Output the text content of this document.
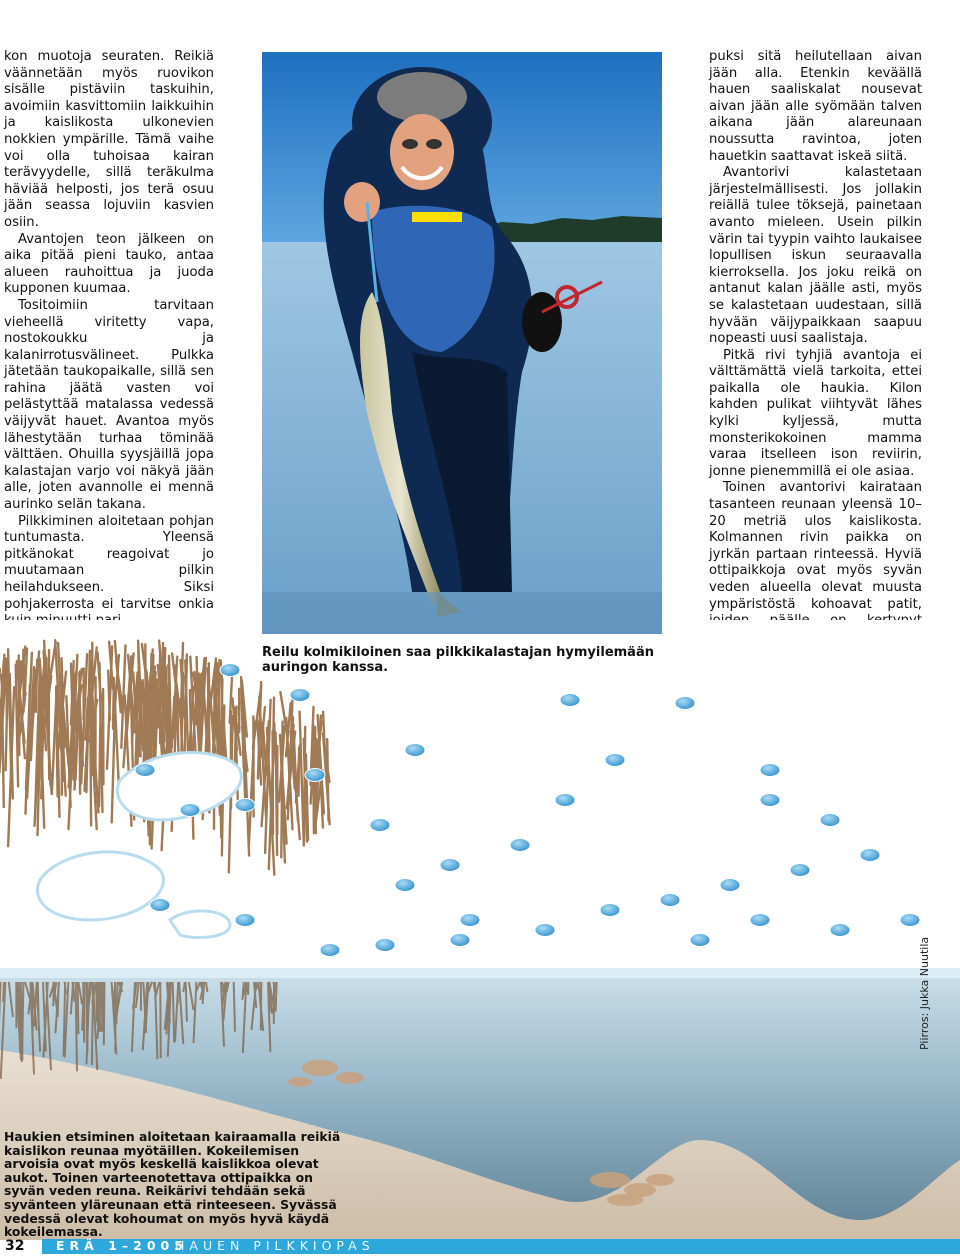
kon muotoja seuraten. Reikiä väännetään myös ruovikon sisälle pistäviin taskuihin, avoimiin kasvittomiin laikkuihin ja kaislikosta ulkonevien nokkien ympärille. Tämä vaihe voi olla tuhoisaa kairan terävyydelle, sillä teräkulma häviää helposti, jos terä osuu jään seassa lojuviin kasvien osiin.

Avantojen teon jälkeen on aika pitää pieni tauko, antaa alueen rauhoittua ja juoda kupponen kuumaa.

Tositoimiin tarvitaan vieheellä viritetty vapa, nostokoukku ja kalanirrotusvälineet. Pulkka jätetään taukopaikalle, sillä sen rahina jäätä vasten voi pelästyttää matalassa vedessä väijyvät hauet. Avantoa myös lähestytään turhaa töminää välttäen. Ohuilla syysjäillä jopa kalastajan varjo voi näkyä jään alle, joten avannolle ei mennä aurinko selän takana.

Pilkkiminen aloitetaan pohjan tuntumasta. Yleensä pitkänokat reagoivat jo muutamaan pilkin heilahdukseen. Siksi pohjakerrosta ei tarvitse onkia

puksi sitä heilutellaan aivan jään alla. Etenkin keväällä hauen saaliskalat nousevat aivan jään alle syömään talven aikana jään alareunaan noussutta ravintoa, joten hauetkin saattavat iskeä siitä.

Avantorivi kalastetaan järjestelmällisesti. Jos jollakin reiällä tulee töksejä, painetaan avanto mieleen. Usein pilkin värin tai tyypin vaihto laukaisee lopullisen iskun seuraavalla kierroksella. Jos joku reikä on antanut kalan jäälle asti, myös se kalastetaan uudestaan, sillä hyvään väijypaikkaan saapuu nopeasti uusi saalistaja.

Pitkä rivi tyhjiä avantoja ei välttämättä vielä tarkoita, ettei paikalla ole haukia. Kilon kahden pulikat viihtyvät lähes kylki kyljessä, mutta monsterikokoinen mamma varaa itselleen ison reviirin, jonne pienemmillä ei ole asiaa.

Toinen avantorivi kairataan tasanteen reunaan yleensä 10–20 metriä ulos kaislikosta. Kolmannen rivin paikka on jyrkän partaan rinteessä. Hyviä ottipaikkoja ovat myös syvän veden alueella olevat muusta ympäristöstä kohoavat patit,

Reilu kolmikiloinen saa pilkkikalastajan hymyilemään auringon kanssa.
Haukien etsiminen aloitetaan kairaamalla reikiä kaislikon reunaa myötäillen. Kokeilemisen arvoisia ovat myös keskellä kaislikkoa olevat aukot. Toinen varteenotettava ottipaikka on syvän veden reuna. Reikärivi tehdään sekä syvänteen yläreunaan että rinteeseen. Syvässä vedessä olevat kohoumat on myös hyvä käydä kokeilemassa.
Piirros: Jukka Nuutila
32	ERÄ 1–2005
HAUEN PILKKIOPAS
